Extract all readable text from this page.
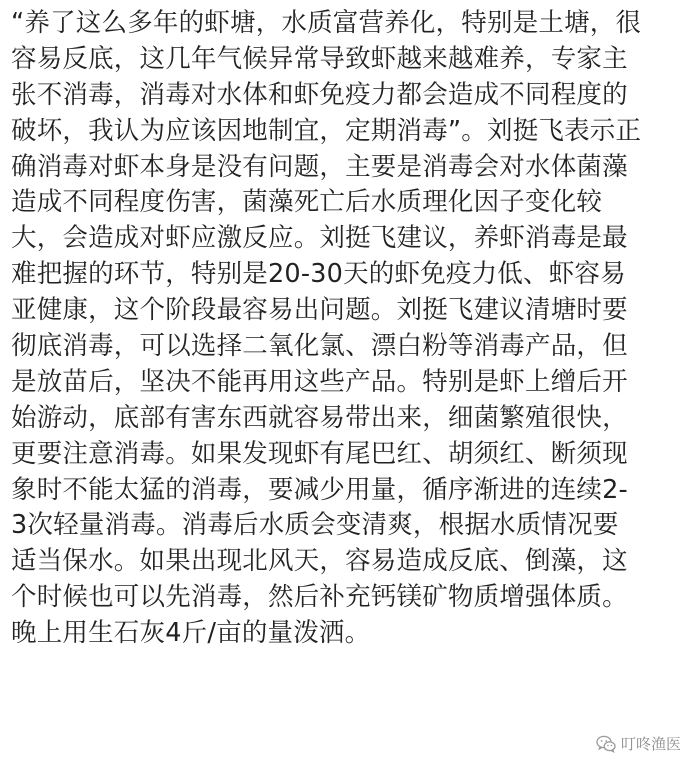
“养了这么多年的虾塘，水质富营养化，特别是土塘，很
容易反底，这几年气候异常导致虾越来越难养，专家主
张不消毒，消毒对水体和虾免疫力都会造成不同程度的
破坏，我认为应该因地制宜，定期消毒”。刘挺飞表示正
确消毒对虾本身是没有问题，主要是消毒会对水体菌藻
造成不同程度伤害，菌藻死亡后水质理化因子变化较
大，会造成对虾应激反应。刘挺飞建议，养虾消毒是最
难把握的环节，特别是20-30天的虾免疫力低、虾容易
亚健康，这个阶段最容易出问题。刘挺飞建议清塘时要
彻底消毒，可以选择二氧化氯、漂白粉等消毒产品，但
是放苗后，坚决不能再用这些产品。特别是虾上缯后开
始游动，底部有害东西就容易带出来，细菌繁殖很快，
更要注意消毒。如果发现虾有尾巴红、胡须红、断须现
象时不能太猛的消毒，要减少用量，循序渐进的连续2-
3次轻量消毒。消毒后水质会变清爽，根据水质情况要
适当保水。如果出现北风天，容易造成反底、倒藻，这
个时候也可以先消毒，然后补充钙镁矿物质增强体质。
晚上用生石灰4斤/亩的量泼洒。
叮咚渔医
